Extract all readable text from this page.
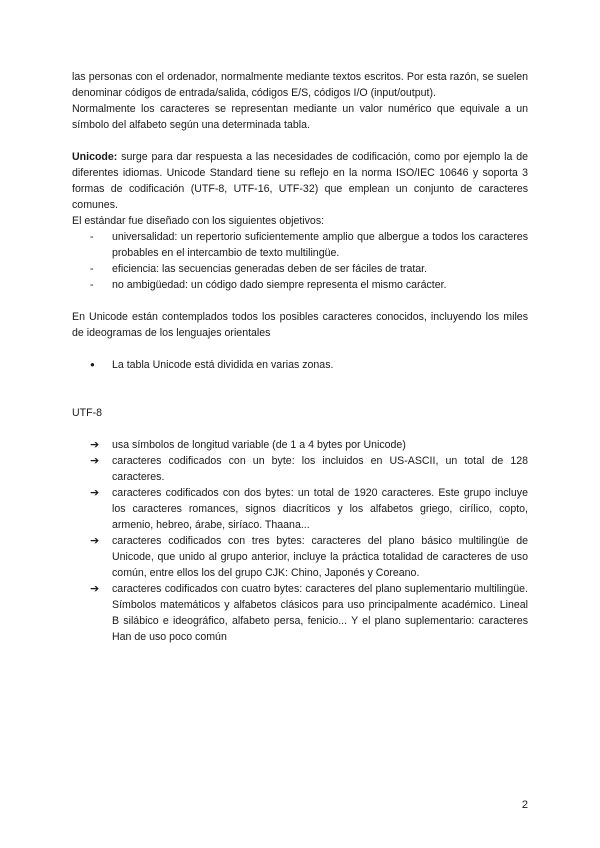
las personas con el ordenador, normalmente mediante textos escritos. Por esta razón, se suelen denominar códigos de entrada/salida, códigos E/S, códigos I/O (input/output).

Normalmente los caracteres se representan mediante un valor numérico que equivale a un símbolo del alfabeto según una determinada tabla.

Unicode: surge para dar respuesta a las necesidades de codificación, como por ejemplo la de diferentes idiomas. Unicode Standard tiene su reflejo en la norma ISO/IEC 10646 y soporta 3 formas de codificación (UTF-8, UTF-16, UTF-32) que emplean un conjunto de caracteres comunes.

El estándar fue diseñado con los siguientes objetivos:

- universalidad: un repertorio suficientemente amplio que albergue a todos los caracteres probables en el intercambio de texto multilingüe.
- eficiencia: las secuencias generadas deben de ser fáciles de tratar.
- no ambigüedad: un código dado siempre representa el mismo carácter.

En Unicode están contemplados todos los posibles caracteres conocidos, incluyendo los miles de ideogramas de los lenguajes orientales

● La tabla Unicode está dividida en varias zonas.

UTF-8

➔ usa símbolos de longitud variable (de 1 a 4 bytes por Unicode)
➔ caracteres codificados con un byte: los incluidos en US-ASCII, un total de 128 caracteres.
➔ caracteres codificados con dos bytes: un total de 1920 caracteres. Este grupo incluye los caracteres romances, signos diacríticos y los alfabetos griego, cirílico, copto, armenio, hebreo, árabe, siríaco. Thaana...
➔ caracteres codificados con tres bytes: caracteres del plano básico multilingüe de Unicode, que unido al grupo anterior, incluye la práctica totalidad de caracteres de uso común, entre ellos los del grupo CJK: Chino, Japonés y Coreano.
➔ caracteres codificados con cuatro bytes: caracteres del plano suplementario multilingüe. Símbolos matemáticos y alfabetos clásicos para uso principalmente académico. Lineal B silábico e ideográfico, alfabeto persa, fenicio... Y el plano suplementario: caracteres Han de uso poco común
2
